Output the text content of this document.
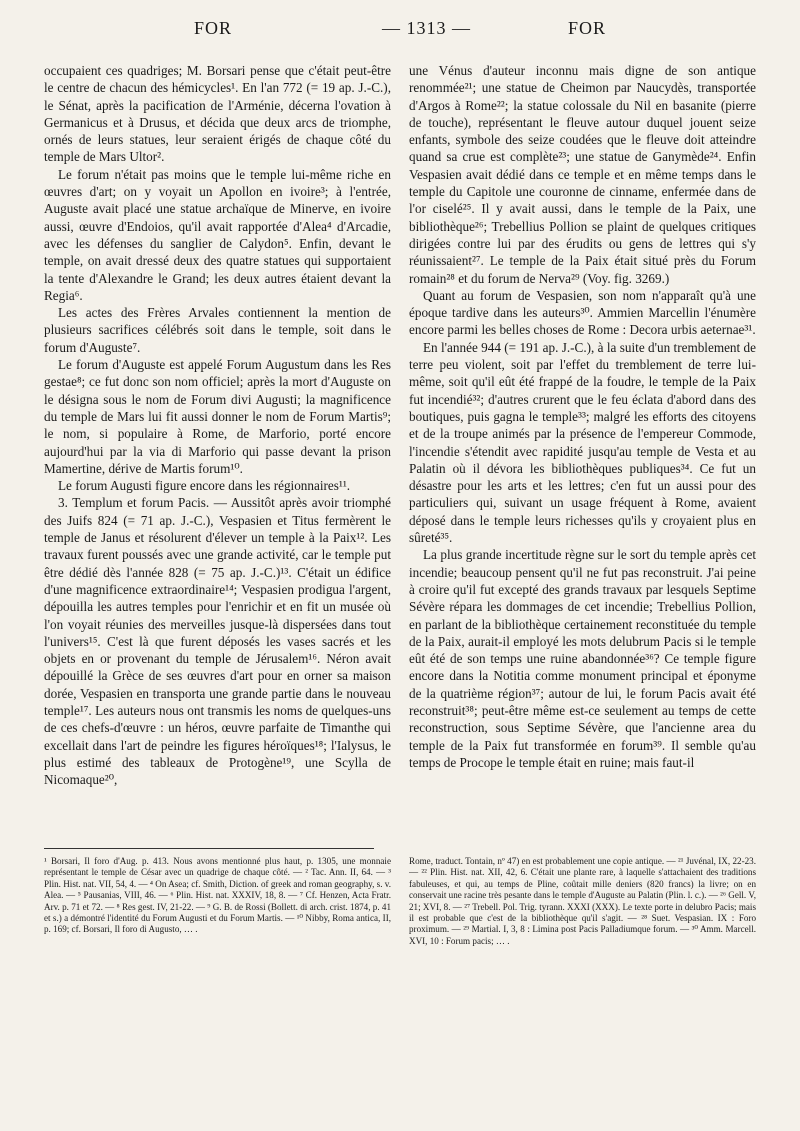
FOR	— 1313 —	FOR

occupaient ces quadriges; M. Borsari pense que c'était peut-être le centre de chacun des hémicycles¹. En l'an 772 (= 19 ap. J.-C.), le Sénat, après la pacification de l'Arménie, décerna l'ovation à Germanicus et à Drusus, et décida que deux arcs de triomphe, ornés de leurs statues, leur seraient érigés de chaque côté du temple de Mars Ultor².

Le forum n'était pas moins que le temple lui-même riche en œuvres d'art; on y voyait un Apollon en ivoire³; à l'entrée, Auguste avait placé une statue archaïque de Minerve, en ivoire aussi, œuvre d'Endoios, qu'il avait rapportée d'Alea⁴ d'Arcadie, avec les défenses du sanglier de Calydon⁵. Enfin, devant le temple, on avait dressé deux des quatre statues qui supportaient la tente d'Alexandre le Grand; les deux autres étaient devant la Regia⁶.

Les actes des Frères Arvales contiennent la mention de plusieurs sacrifices célébrés soit dans le temple, soit dans le forum d'Auguste⁷.

Le forum d'Auguste est appelé Forum Augustum dans les Res gestae⁸; ce fut donc son nom officiel; après la mort d'Auguste on le désigna sous le nom de Forum divi Augusti; la magnificence du temple de Mars lui fit aussi donner le nom de Forum Martis⁹; le nom, si populaire à Rome, de Marforio, porté encore aujourd'hui par la via di Marforio qui passe devant la prison Mamertine, dérive de Martis forum¹⁰.

Le forum Augusti figure encore dans les régionnaires¹¹.

3. Templum et forum Pacis. — Aussitôt après avoir triomphé des Juifs 824 (= 71 ap. J.-C.), Vespasien et Titus fermèrent le temple de Janus et résolurent d'élever un temple à la Paix¹². Les travaux furent poussés avec une grande activité, car le temple put être dédié dès l'année 828 (= 75 ap. J.-C.)¹³. C'était un édifice d'une magnificence extraordinaire¹⁴; Vespasien prodigua l'argent, dépouilla les autres temples pour l'enrichir et en fit un musée où l'on voyait réunies des merveilles jusque-là dispersées dans tout l'univers¹⁵. C'est là que furent déposés les vases sacrés et les objets en or provenant du temple de Jérusalem¹⁶. Néron avait dépouillé la Grèce de ses œuvres d'art pour en orner sa maison dorée, Vespasien en transporta une grande partie dans le nouveau temple¹⁷. Les auteurs nous ont transmis les noms de quelques-uns de ces chefs-d'œuvre : un héros, œuvre parfaite de Timanthe qui excellait dans l'art de peindre les figures héroïques¹⁸; l'Ialysus, le plus estimé des tableaux de Protogène¹⁹, une Scylla de Nicomaque²⁰,

une Vénus d'auteur inconnu mais digne de son antique renommée²¹; une statue de Cheimon par Naucydès, transportée d'Argos à Rome²²; la statue colossale du Nil en basanite (pierre de touche), représentant le fleuve autour duquel jouent seize enfants, symbole des seize coudées que le fleuve doit atteindre quand sa crue est complète²³; une statue de Ganymède²⁴. Enfin Vespasien avait dédié dans ce temple et en même temps dans le temple du Capitole une couronne de cinname, enfermée dans de l'or ciselé²⁵. Il y avait aussi, dans le temple de la Paix, une bibliothèque²⁶; Trebellius Pollion se plaint de quelques critiques dirigées contre lui par des érudits ou gens de lettres qui s'y réunissaient²⁷. Le temple de la Paix était situé près du Forum romain²⁸ et du forum de Nerva²⁹ (Voy. fig. 3269.)

Quant au forum de Vespasien, son nom n'apparaît qu'à une époque tardive dans les auteurs³⁰. Ammien Marcellin l'énumère encore parmi les belles choses de Rome : Decora urbis aeternae³¹.

En l'année 944 (= 191 ap. J.-C.), à la suite d'un tremblement de terre peu violent, soit par l'effet du tremblement de terre lui-même, soit qu'il eût été frappé de la foudre, le temple de la Paix fut incendié³²; d'autres crurent que le feu éclata d'abord dans des boutiques, puis gagna le temple³³; malgré les efforts des citoyens et de la troupe animés par la présence de l'empereur Commode, l'incendie s'étendit avec rapidité jusqu'au temple de Vesta et au Palatin où il dévora les bibliothèques publiques³⁴. Ce fut un désastre pour les arts et les lettres; c'en fut un aussi pour des particuliers qui, suivant un usage fréquent à Rome, avaient déposé dans le temple leurs richesses qu'ils y croyaient plus en sûreté³⁵.

La plus grande incertitude règne sur le sort du temple après cet incendie; beaucoup pensent qu'il ne fut pas reconstruit. J'ai peine à croire qu'il fut excepté des grands travaux par lesquels Septime Sévère répara les dommages de cet incendie; Trebellius Pollion, en parlant de la bibliothèque certainement reconstituée du temple de la Paix, aurait-il employé les mots delubrum Pacis si le temple eût été de son temps une ruine abandonnée³⁶? Ce temple figure encore dans la Notitia comme monument principal et éponyme de la quatrième région³⁷; autour de lui, le forum Pacis avait été reconstruit³⁸; peut-être même est-ce seulement au temps de cette reconstruction, sous Septime Sévère, que l'ancienne area du temple de la Paix fut transformée en forum³⁹. Il semble qu'au temps de Procope le temple était en ruine; mais faut-il

¹ Borsari, Il foro d'Aug. p. 413. Nous avons mentionné plus haut, p. 1305, une monnaie représentant le temple de César avec un quadrige de chaque côté. — ² Tac. Ann. II, 64. — ³ Plin. Hist. nat. VII, 54, 4. — ⁴ On Asea; cf. Smith, Diction. of greek and roman geography, s. v. Alea. — ⁵ Pausanias, VIII, 46. — ⁶ Plin. Hist. nat. XXXIV, 18, 8. — ⁷ Cf. Henzen, Acta Fratr. Arv. p. 71 et 72. — ⁸ Res gest. IV, 21-22. — ⁹ G. B. de Rossi (Bollett. di arch. crist. 1874, p. 41 et s.) a démontré l'identité du Forum Augusti et du Forum Martis. — ¹⁰ Nibby, Roma antica, II, p. 169; cf. Borsari, Il foro di Augusto, … .

Rome, traduct. Tontain, nº 47) en est probablement une copie antique. — ²¹ Juvénal, IX, 22-23. — ²² Plin. Hist. nat. XII, 42, 6. C'était une plante rare, à laquelle s'attachaient des traditions fabuleuses, et qui, au temps de Pline, coûtait mille deniers (820 francs) la livre; on en conservait une racine très pesante dans le temple d'Auguste au Palatin (Plin. l. c.). — ²⁶ Gell. V, 21; XVI, 8. — ²⁷ Trebell. Pol. Trig. tyrann. XXXI (XXX). Le texte porte in delubro Pacis; mais il est probable que c'est de la bibliothèque qu'il s'agit. — ²⁸ Suet. Vespasian. IX : Foro proximum. — ²⁹ Martial. I, 3, 8 : Limina post Pacis Palladiumque forum. — ³⁰ Amm. Marcell. XVI, 10 : Forum pacis; … .
